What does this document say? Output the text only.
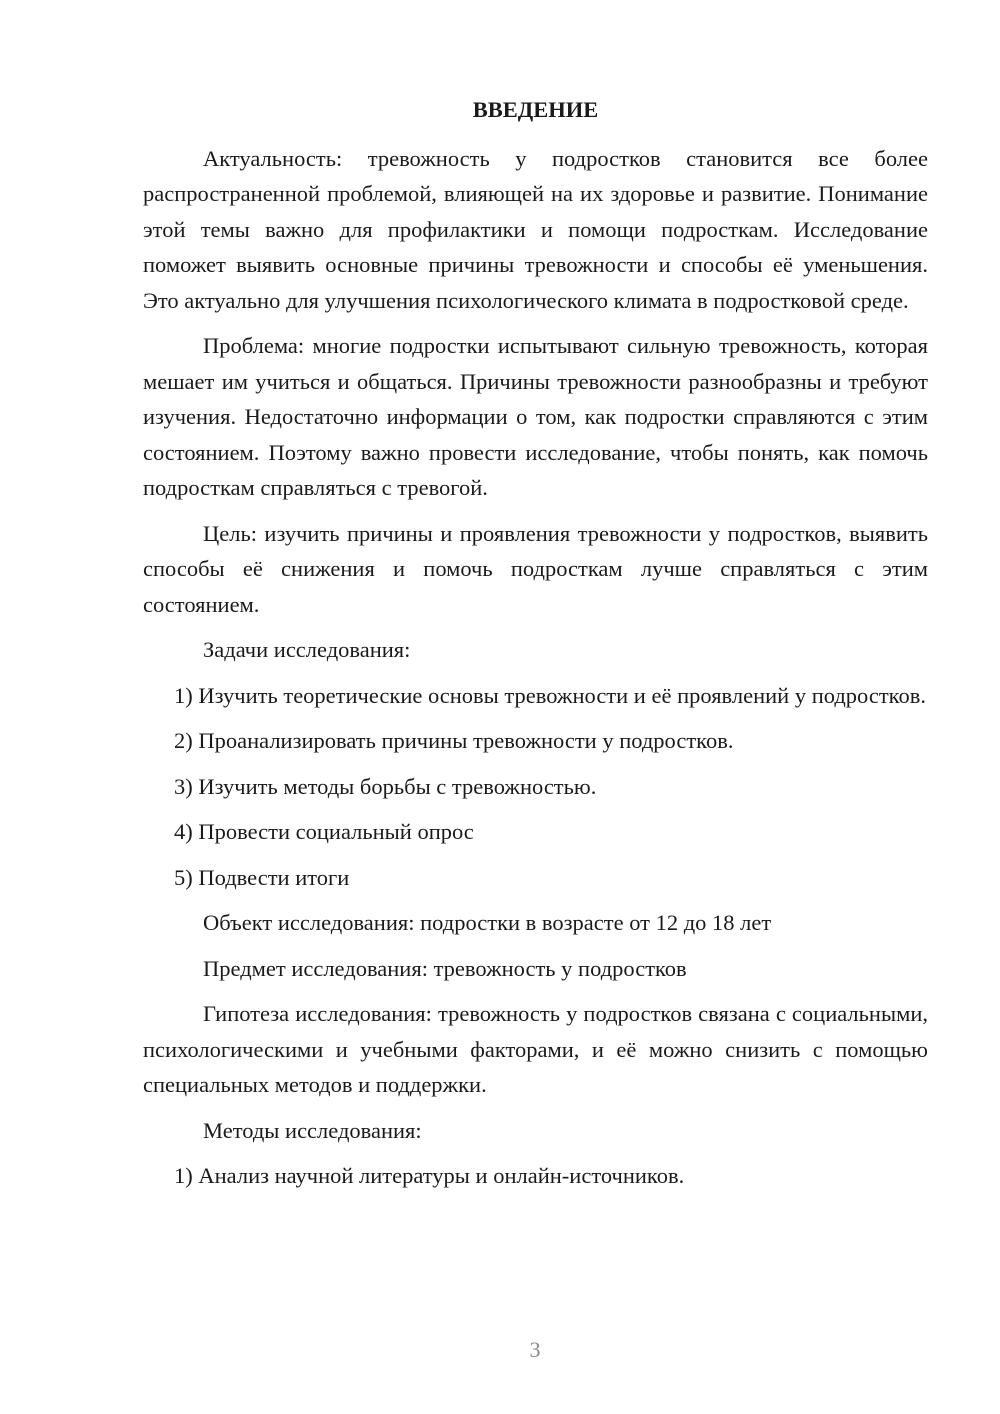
ВВЕДЕНИЕ

Актуальность: тревожность у подростков становится все более распространенной проблемой, влияющей на их здоровье и развитие. Понимание этой темы важно для профилактики и помощи подросткам. Исследование поможет выявить основные причины тревожности и способы её уменьшения. Это актуально для улучшения психологического климата в подростковой среде.

Проблема: многие подростки испытывают сильную тревожность, которая мешает им учиться и общаться. Причины тревожности разнообразны и требуют изучения. Недостаточно информации о том, как подростки справляются с этим состоянием. Поэтому важно провести исследование, чтобы понять, как помочь подросткам справляться с тревогой.

Цель: изучить причины и проявления тревожности у подростков, выявить способы её снижения и помочь подросткам лучше справляться с этим состоянием.

Задачи исследования:

1) Изучить теоретические основы тревожности и её проявлений у подростков.

2) Проанализировать причины тревожности у подростков.

3) Изучить методы борьбы с тревожностью.

4) Провести социальный опрос

5) Подвести итоги

Объект исследования: подростки в возрасте от 12 до 18 лет

Предмет исследования: тревожность у подростков

Гипотеза исследования: тревожность у подростков связана с социальными, психологическими и учебными факторами, и её можно снизить с помощью специальных методов и поддержки.

Методы исследования:

1) Анализ научной литературы и онлайн-источников.

3
